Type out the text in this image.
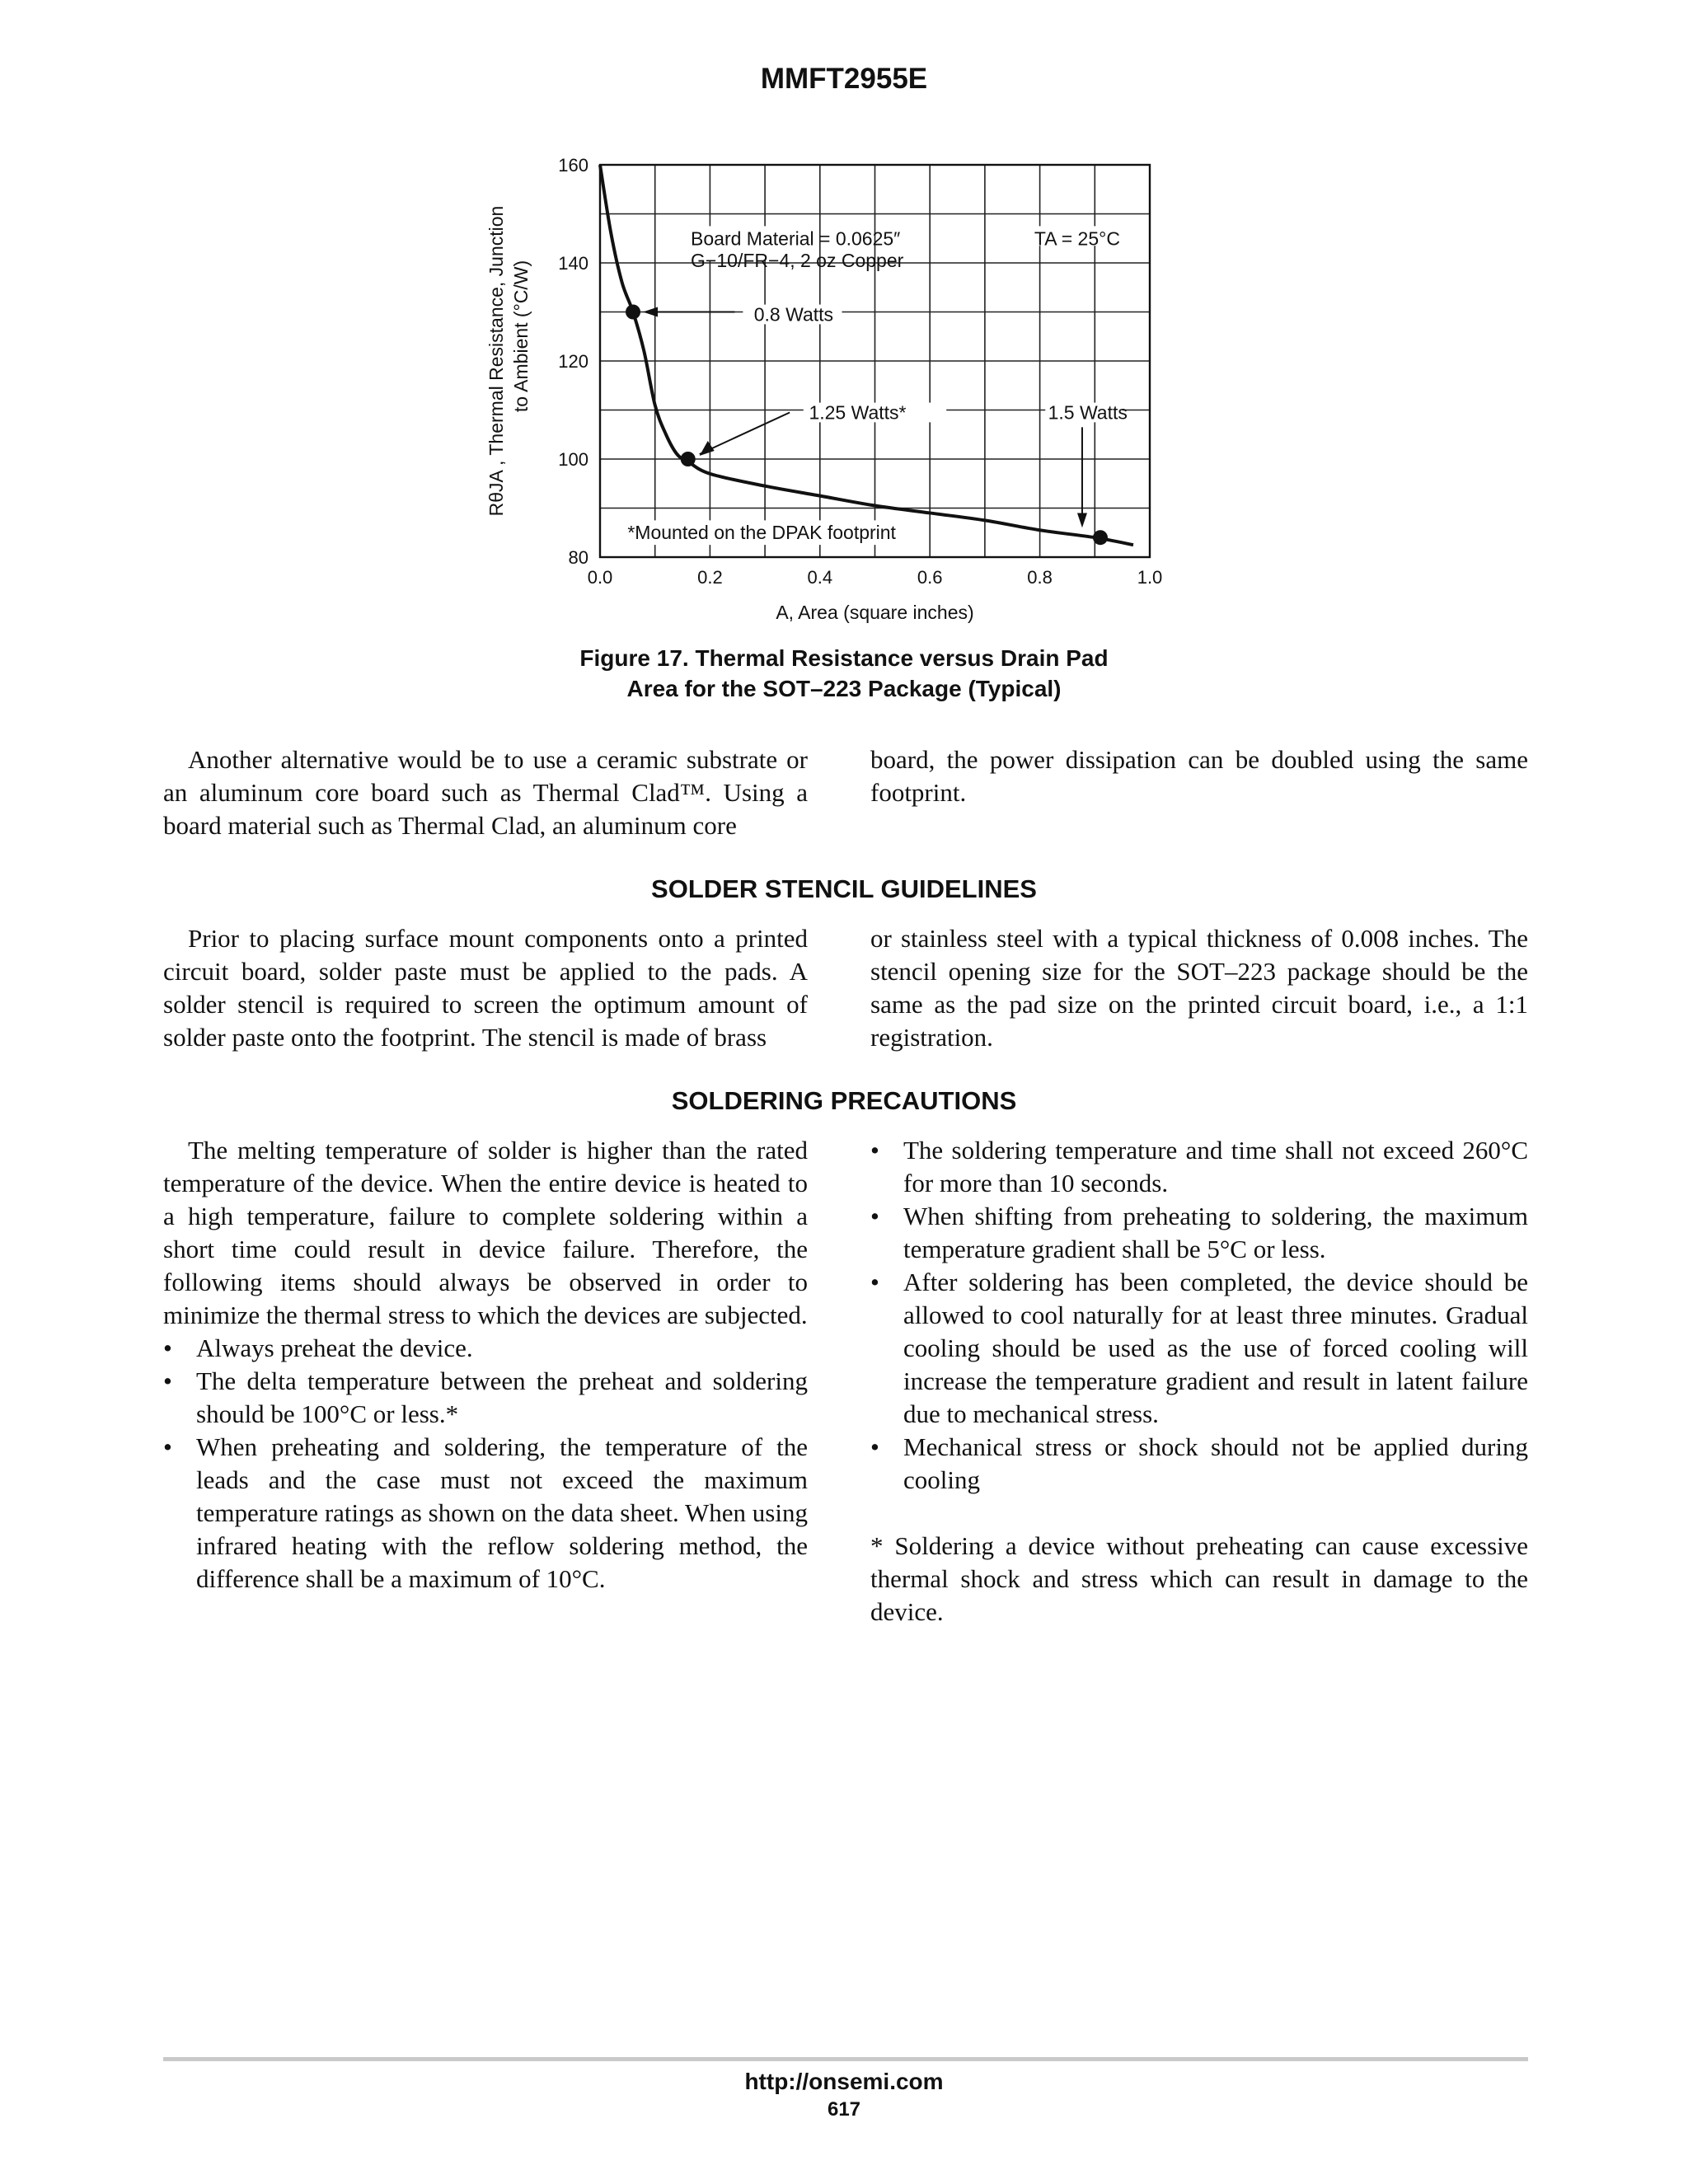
MMFT2955E
0.0	0.2	0.4	0.6	0.8	1.0
80
100
120
140
160
Board Material = 0.0625″
G−10/FR−4, 2 oz Copper
TA = 25°C
*Mounted on the DPAK footprint
0.8 Watts
1.25 Watts*	1.5 Watts
A, Area (square inches)
RθJA , Thermal Resistance, Junction to Ambient (°C/W)
Figure 17. Thermal Resistance versus Drain Pad
Area for the SOT–223 Package (Typical)

Another alternative would be to use a ceramic substrate or an aluminum core board such as Thermal Clad™. Using a board material such as Thermal Clad, an aluminum core

board, the power dissipation can be doubled using the same footprint.

SOLDER STENCIL GUIDELINES

Prior to placing surface mount components onto a printed circuit board, solder paste must be applied to the pads. A solder stencil is required to screen the optimum amount of solder paste onto the footprint. The stencil is made of brass

or stainless steel with a typical thickness of 0.008 inches. The stencil opening size for the SOT–223 package should be the same as the pad size on the printed circuit board, i.e., a 1:1 registration.

SOLDERING PRECAUTIONS

The melting temperature of solder is higher than the rated temperature of the device. When the entire device is heated to a high temperature, failure to complete soldering within a short time could result in device failure. Therefore, the following items should always be observed in order to minimize the thermal stress to which the devices are subjected.

• Always preheat the device.
• The delta temperature between the preheat and soldering should be 100°C or less.*
• When preheating and soldering, the temperature of the leads and the case must not exceed the maximum temperature ratings as shown on the data sheet. When using infrared heating with the reflow soldering method, the difference shall be a maximum of 10°C.
• The soldering temperature and time shall not exceed 260°C for more than 10 seconds.
• When shifting from preheating to soldering, the maximum temperature gradient shall be 5°C or less.
• After soldering has been completed, the device should be allowed to cool naturally for at least three minutes. Gradual cooling should be used as the use of forced cooling will increase the temperature gradient and result in latent failure due to mechanical stress.
• Mechanical stress or shock should not be applied during cooling

* Soldering a device without preheating can cause excessive thermal shock and stress which can result in damage to the device.

http://onsemi.com
617
